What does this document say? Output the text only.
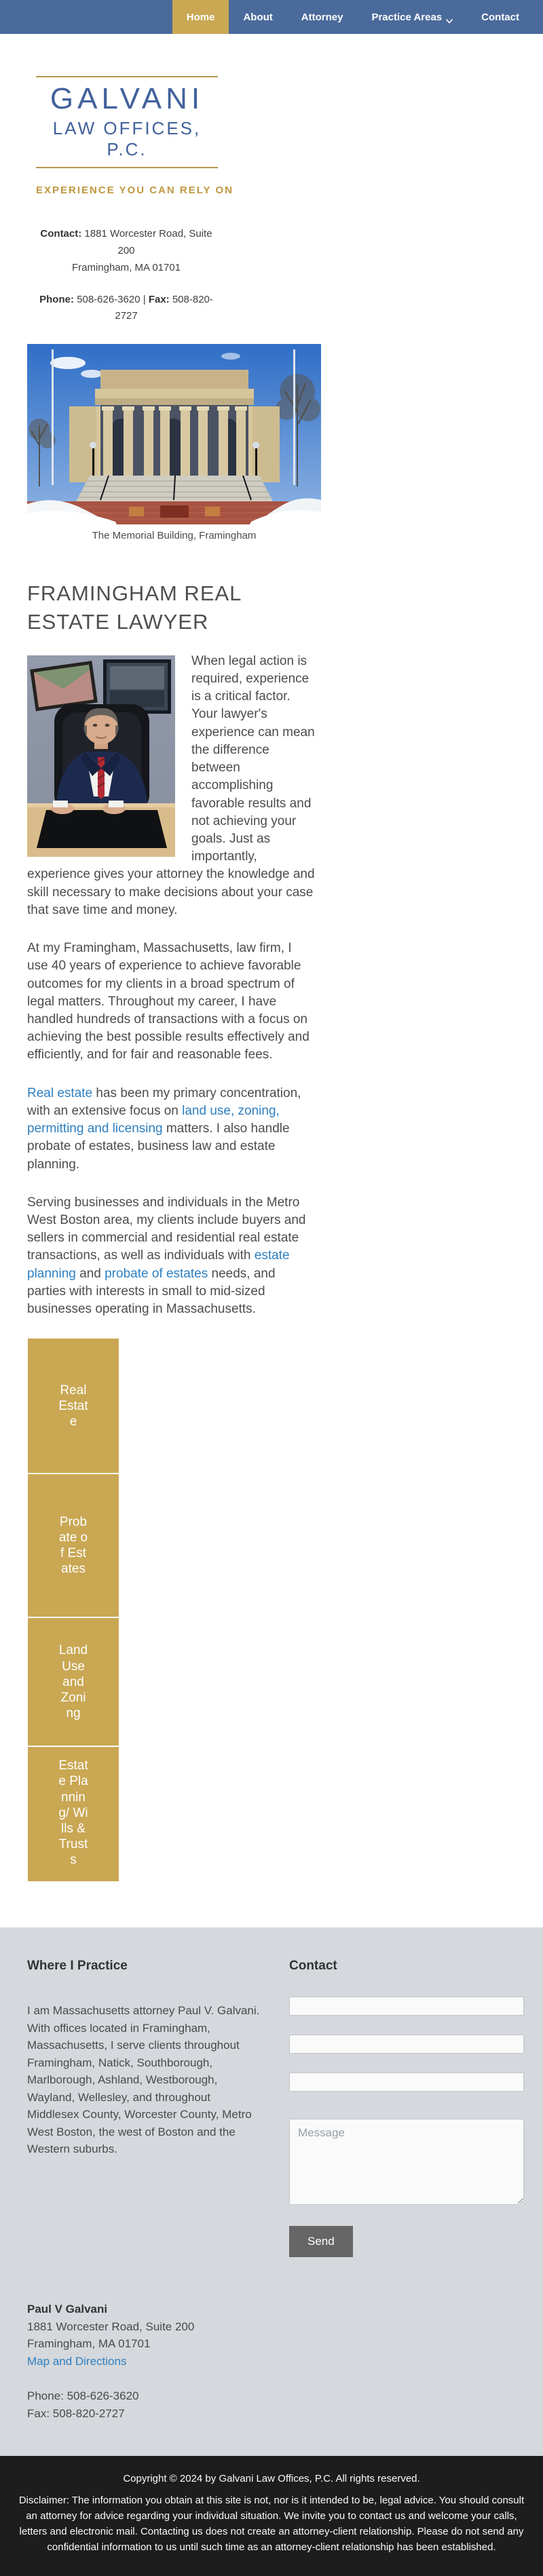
Home	About	Attorney	Practice Areas	Contact
GALVANI
LAW OFFICES, P.C.
EXPERIENCE YOU CAN RELY ON

Contact: 1881 Worcester Road, Suite 200
Framingham, MA 01701

Phone: 508-626-3620 | Fax: 508-820-2727

The Memorial Building, Framingham
FRAMINGHAM REAL ESTATE LAWYER

When legal action is required, experience is a critical factor. Your lawyer's experience can mean the difference between accomplishing favorable results and not achieving your goals. Just as importantly, experience gives your attorney the knowledge and skill necessary to make decisions about your case that save time and money.

At my Framingham, Massachusetts, law firm, I use 40 years of experience to achieve favorable outcomes for my clients in a broad spectrum of legal matters. Throughout my career, I have handled hundreds of transactions with a focus on achieving the best possible results effectively and efficiently, and for fair and reasonable fees.

Real estate has been my primary concentration, with an extensive focus on land use, zoning, permitting and licensing matters. I also handle probate of estates, business law and estate planning.

Serving businesses and individuals in the Metro West Boston area, my clients include buyers and sellers in commercial and residential real estate transactions, as well as individuals with estate planning and probate of estates needs, and parties with interests in small to mid-sized businesses operating in Massachusetts.

Real Estate
Probate of Estates
Land Use and Zoning
Estate Planning/ Wills & Trusts
Where I Practice
I am Massachusetts attorney Paul V. Galvani. With offices located in Framingham, Massachusetts, I serve clients throughout Framingham, Natick, Southborough, Marlborough, Ashland, Westborough, Wayland, Wellesley, and throughout Middlesex County, Worcester County, Metro West Boston, the west of Boston and the Western suburbs.
Contact
Message Send
Paul V Galvani
1881 Worcester Road, Suite 200
Framingham, MA 01701
Map and Directions
Phone: 508-626-3620
Fax: 508-820-2727
Copyright © 2024 by Galvani Law Offices, P.C. All rights reserved.
Disclaimer: The information you obtain at this site is not, nor is it intended to be, legal advice. You should consult an attorney for advice regarding your individual situation. We invite you to contact us and welcome your calls, letters and electronic mail. Contacting us does not create an attorney-client relationship. Please do not send any confidential information to us until such time as an attorney-client relationship has been established.
